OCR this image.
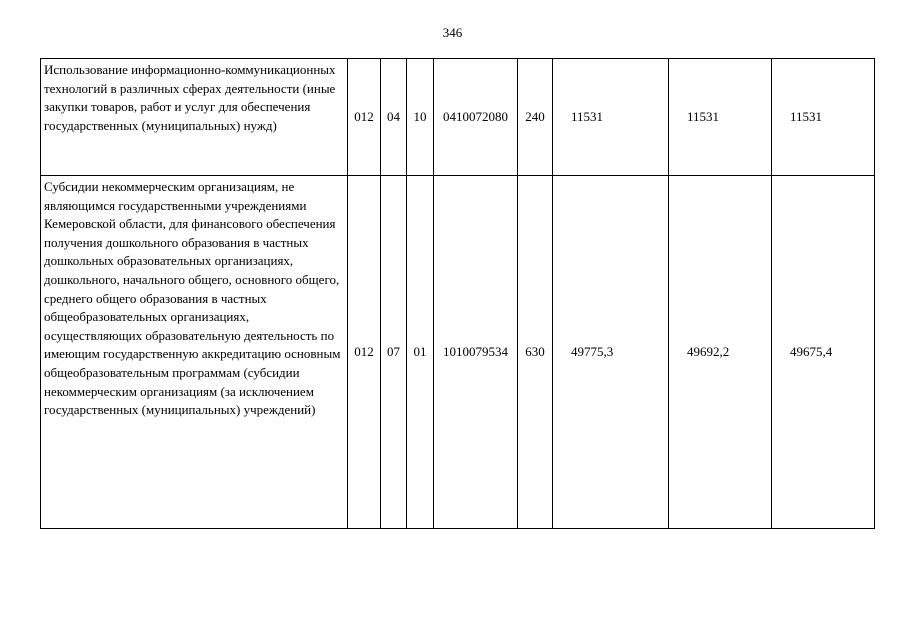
346
Использование информационно-коммуникационных технологий в различных сферах деятельности (иные закупки товаров, работ и услуг для обеспечения государственных (муниципальных) нужд)	012	04	10	0410072080	240	11531	11531	11531
Субсидии некоммерческим организациям, не являющимся государственными учреждениями Кемеровской области, для финансового обеспечения получения дошкольного образования в частных дошкольных образовательных организациях, дошкольного, начального общего, основного общего, среднего общего образования в частных общеобразовательных организациях, осуществляющих образовательную деятельность по имеющим государственную аккредитацию основным общеобразовательным программам (субсидии некоммерческим организациям (за исключением государственных (муниципальных) учреждений)	012	07	01	1010079534	630	49775,3	49692,2	49675,4
